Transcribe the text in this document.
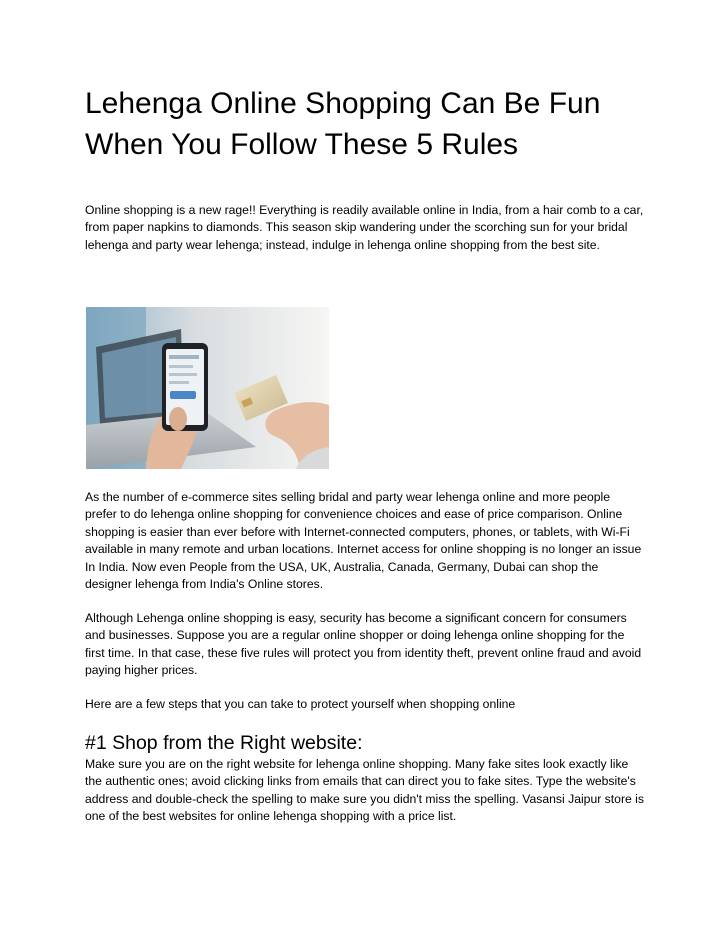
Lehenga Online Shopping Can Be Fun When You Follow These 5 Rules

Online shopping is a new rage!! Everything is readily available online in India, from a hair comb to a car, from paper napkins to diamonds. This season skip wandering under the scorching sun for your bridal lehenga and party wear lehenga; instead, indulge in lehenga online shopping from the best site.

As the number of e-commerce sites selling bridal and party wear lehenga online and more people prefer to do lehenga online shopping for convenience choices and ease of price comparison. Online shopping is easier than ever before with Internet-connected computers, phones, or tablets, with Wi-Fi available in many remote and urban locations. Internet access for online shopping is no longer an issue In India. Now even People from the USA, UK, Australia, Canada, Germany, Dubai can shop the designer lehenga from India's Online stores.

Although Lehenga online shopping is easy, security has become a significant concern for consumers and businesses. Suppose you are a regular online shopper or doing lehenga online shopping for the first time. In that case, these five rules will protect you from identity theft, prevent online fraud and avoid paying higher prices.

Here are a few steps that you can take to protect yourself when shopping online

#1 Shop from the Right website:

Make sure you are on the right website for lehenga online shopping. Many fake sites look exactly like the authentic ones; avoid clicking links from emails that can direct you to fake sites. Type the website's address and double-check the spelling to make sure you didn't miss the spelling. Vasansi Jaipur store is one of the best websites for online lehenga shopping with a price list.
